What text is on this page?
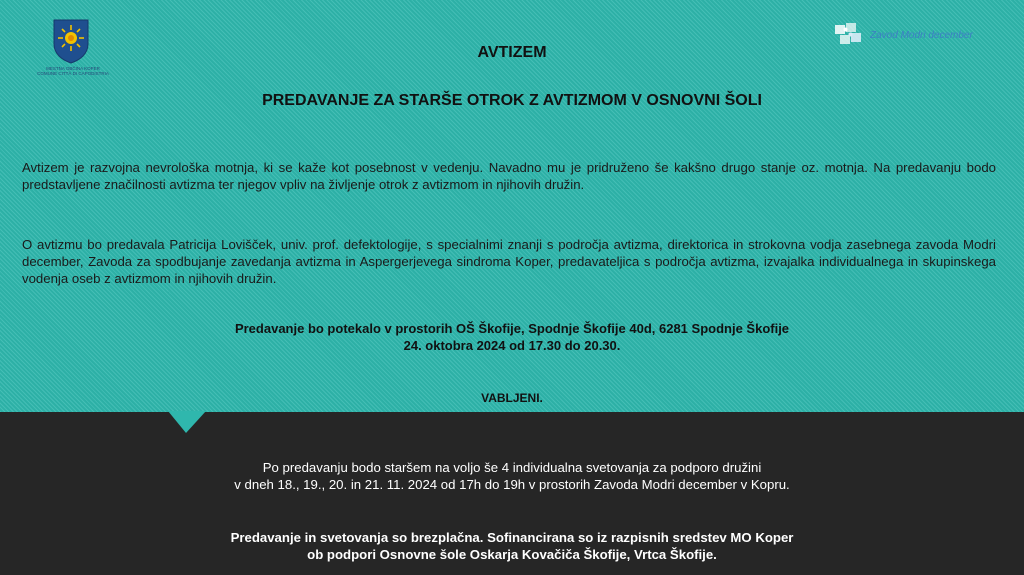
MESTNA OBČINA KOPER
COMUNE CITTÀ DI CAPODISTRIA
Zavod Modri december
AVTIZEM
PREDAVANJE ZA STARŠE OTROK Z AVTIZMOM V OSNOVNI ŠOLI
Avtizem je razvojna nevrološka motnja, ki se kaže kot posebnost v vedenju. Navadno mu je pridruženo še kakšno drugo stanje oz. motnja. Na predavanju bodo predstavljene značilnosti avtizma ter njegov vpliv na življenje otrok z avtizmom in njihovih družin.
O avtizmu bo predavala Patricija Lovišček, univ. prof. defektologije, s specialnimi znanji s področja avtizma, direktorica in strokovna vodja zasebnega zavoda Modri december, Zavoda za spodbujanje zavedanja avtizma in Aspergerjevega sindroma Koper, predavateljica s področja avtizma, izvajalka individualnega in skupinskega vodenja oseb z avtizmom in njihovih družin.
Predavanje bo potekalo v prostorih OŠ Škofije, Spodnje Škofije 40d, 6281 Spodnje Škofije
24. oktobra 2024 od 17.30 do 20.30.
VABLJENI.
Po predavanju bodo staršem na voljo še 4 individualna svetovanja za podporo družini
v dneh 18., 19., 20. in 21. 11. 2024 od 17h do 19h v prostorih Zavoda Modri december v Kopru.
Predavanje in svetovanja so brezplačna. Sofinancirana so iz razpisnih sredstev MO Koper
ob podpori Osnovne šole Oskarja Kovačiča Škofije, Vrtca Škofije.
